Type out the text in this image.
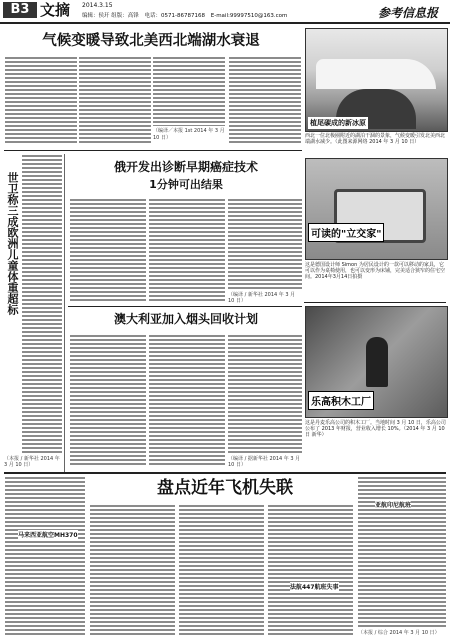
B3 文摘 2014.3.15
编辑：侯玕 组版：高锋 电话：0571-86787168 E-mail:99997510@163.com	参考信息报
气候变暖导致北美西北端湖水衰退
（编译／本报 1st 2014 年 3 月 10 日）
植尾碳成的新冰原
西北一位北极圈附近的湖泊干涸的景象，气候变暖引发北美西北端湖水减少。（此图来源网络 2014 年 3 月 10 日）
世卫称三成欧洲儿童体重超标
（本报 / 新华社 2014 年 3 月 10 日）
俄开发出诊断早期癌症技术
1分钟可出结果
（编译 / 新华社 2014 年 3 月 10 日）
可读的"立交家"
这是德国设计师 Simon 为居民设计的一款可以移动的家具，它可以作为桌椅使用，也可以变形为床铺，完美适合狭窄的住宅空间。2014年3月14日拍摄
澳大利亚加入烟头回收计划
（编译 / 据新华社 2014 年 3 月 10 日）
乐高积木工厂
这是丹麦乐高公司的积木工厂。当地时间 3 月 10 日，乐高公司公布了 2013 年财报，营业收入增长 10%。（2014 年 3 月 10 日 新华）
盘点近年飞机失联
马来西亚航空MH370
法航447航班失事
亚航印尼航班
（本报 / 综合 2014 年 3 月 10 日）
